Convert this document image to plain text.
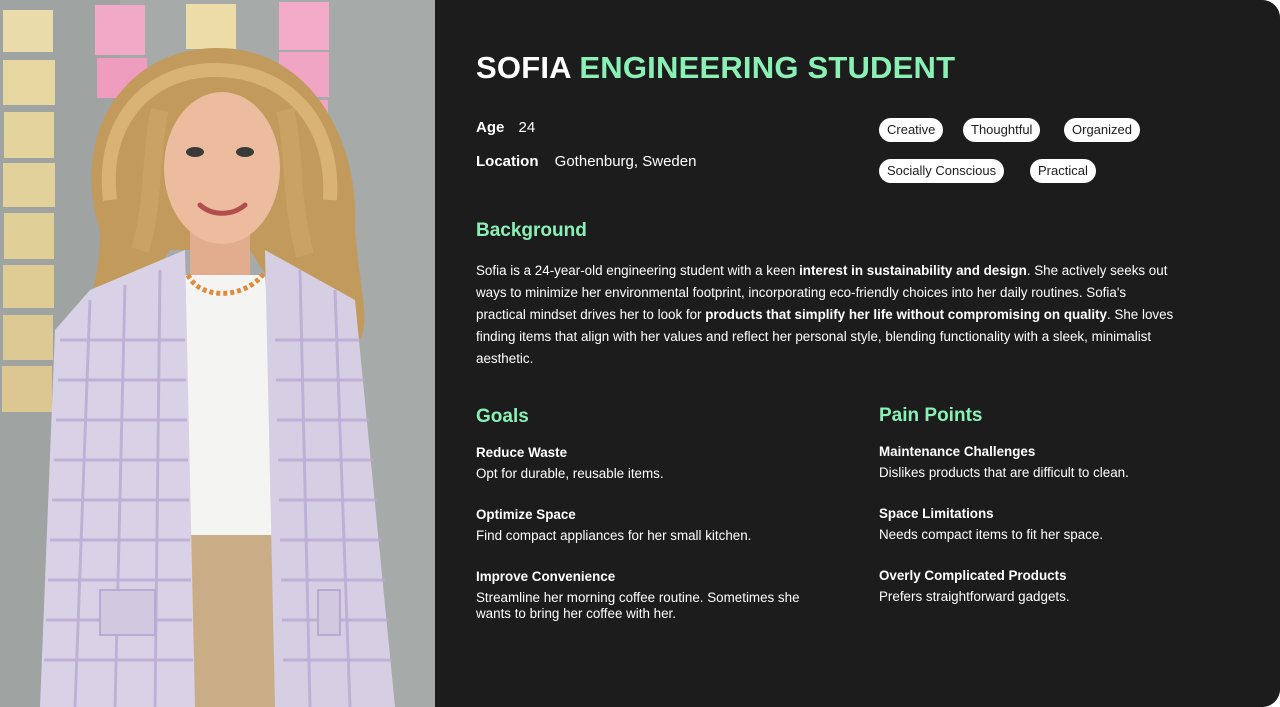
SOFIA ENGINEERING STUDENT
Age 24
Location Gothenburg, Sweden
Creative	Thoughtful	Organized
Socially Conscious	Practical
Background

Sofia is a 24-year-old engineering student with a keen interest in sustainability and design. She actively seeks out ways to minimize her environmental footprint, incorporating eco-friendly choices into her daily routines. Sofia's practical mindset drives her to look for products that simplify her life without compromising on quality. She loves finding items that align with her values and reflect her personal style, blending functionality with a sleek, minimalist aesthetic.

Goals
Reduce Waste
Opt for durable, reusable items.
Optimize Space
Find compact appliances for her small kitchen.
Improve Convenience
Streamline her morning coffee routine. Sometimes she wants to bring her coffee with her.
Pain Points
Maintenance Challenges
Dislikes products that are difficult to clean.
Space Limitations
Needs compact items to fit her space.
Overly Complicated Products
Prefers straightforward gadgets.
